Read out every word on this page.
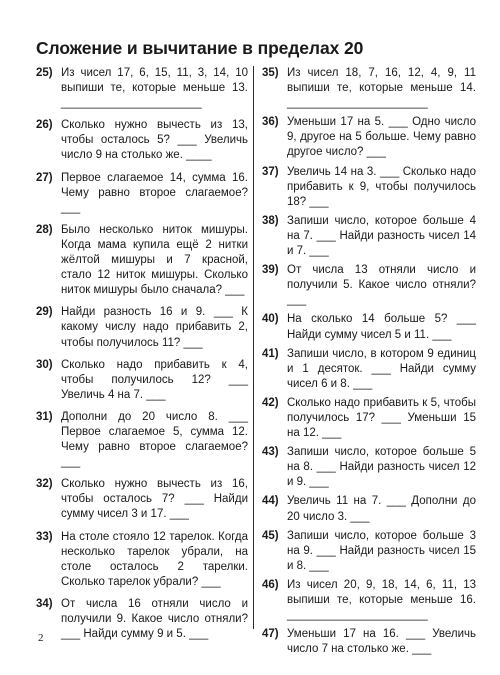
Сложение и вычитание в пределах 20
25) Из чисел 17, 6, 15, 11, 3, 14, 10 выпиши те, которые меньше 13. ______________________
26) Сколько нужно вычесть из 13, чтобы осталось 5? ___ Увеличь число 9 на столько же. ____
27) Первое слагаемое 14, сумма 16. Чему равно второе слагаемое? ___
28) Было несколько ниток мишуры. Когда мама купила ещё 2 нитки жёлтой мишуры и 7 красной, стало 12 ниток мишуры. Сколько ниток мишуры было сначала? ___
29) Найди разность 16 и 9. ___ К какому числу надо прибавить 2, чтобы получилось 11? ___
30) Сколько надо прибавить к 4, чтобы получилось 12? ___ Увеличь 4 на 7. ___
31) Дополни до 20 число 8. ___ Первое слагаемое 5, сумма 12. Чему равно второе слагаемое? ___
32) Сколько нужно вычесть из 16, чтобы осталось 7? ___ Найди сумму чисел 3 и 17. ___
33) На столе стояло 12 тарелок. Когда несколько тарелок убрали, на столе осталось 2 тарелки. Сколько тарелок убрали? ___
34) От числа 16 отняли число и получили 9. Какое число отняли? ___ Найди сумму 9 и 5. ___
35) Из чисел 18, 7, 16, 12, 4, 9, 11 выпиши те, которые меньше 14. ______________________
36) Уменьши 17 на 5. ___ Одно число 9, другое на 5 больше. Чему равно другое число? ___
37) Увеличь 14 на 3. ___ Сколько надо прибавить к 9, чтобы получилось 18? ___
38) Запиши число, которое больше 4 на 7. ___ Найди разность чисел 14 и 7. ___
39) От числа 13 отняли число и получили 5. Какое число отняли? ___
40) На сколько 14 больше 5? ___ Найди сумму чисел 5 и 11. ___
41) Запиши число, в котором 9 единиц и 1 десяток. ___ Найди сумму чисел 6 и 8. ___
42) Сколько надо прибавить к 5, чтобы получилось 17? ___ Уменьши 15 на 12. ___
43) Запиши число, которое больше 5 на 8. ___ Найди разность чисел 12 и 9. ___
44) Увеличь 11 на 7. ___ Дополни до 20 число 3. ___
45) Запиши число, которое больше 3 на 9. ___ Найди разность чисел 15 и 8. ___
46) Из чисел 20, 9, 18, 14, 6, 11, 13 выпиши те, которые меньше 16. ______________________
47) Уменьши 17 на 16. ___ Увеличь число 7 на столько же. ___
2
